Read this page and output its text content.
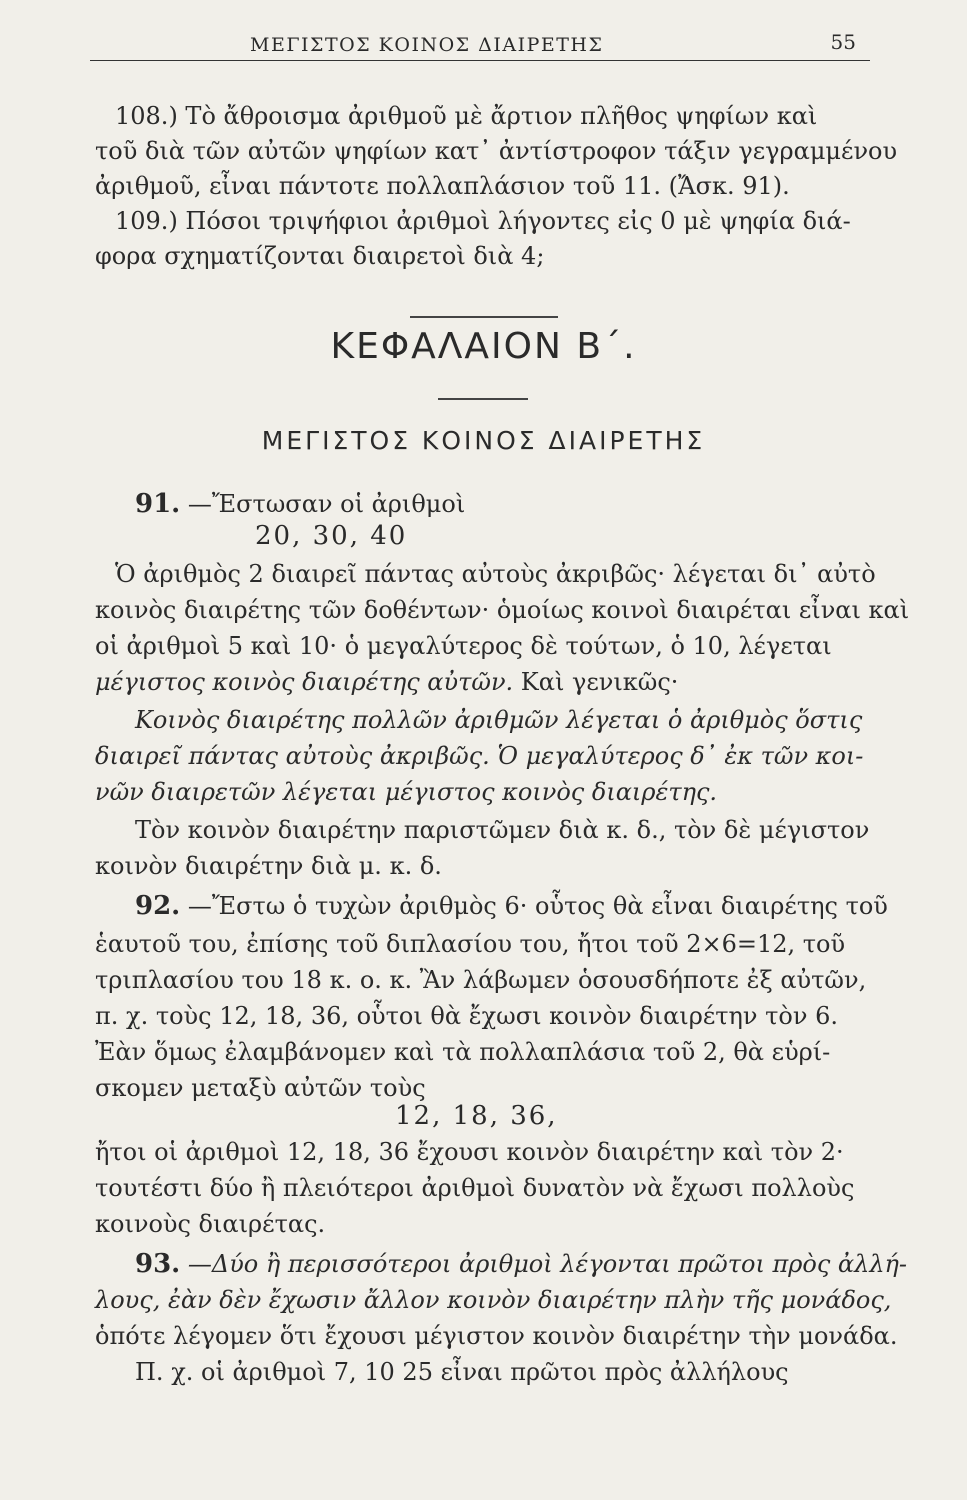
ΜΕΓΙΣΤΟΣ ΚΟΙΝΟΣ ΔΙΑΙΡΕΤΗΣ	55
108.) Τὸ ἄθροισμα ἀριθμοῦ μὲ ἄρτιον πλῆθος ψηφίων καὶ
τοῦ διὰ τῶν αὐτῶν ψηφίων κατ᾽ ἀντίστροφον τάξιν γεγραμμένου
ἀριθμοῦ, εἶναι πάντοτε πολλαπλάσιον τοῦ 11. (Ἄσκ. 91).
109.) Πόσοι τριψήφιοι ἀριθμοὶ λήγοντες εἰς 0 μὲ ψηφία διά-
φορα σχηματίζονται διαιρετοὶ διὰ 4;
ΚΕΦΑΛΑΙΟΝ Β΄.
ΜΕΓΙΣΤΟΣ ΚΟΙΝΟΣ ΔΙΑΙΡΕΤΗΣ
91. —Ἔστωσαν οἱ ἀριθμοὶ
20, 30, 40
Ὁ ἀριθμὸς 2 διαιρεῖ πάντας αὐτοὺς ἀκριβῶς· λέγεται δι᾽ αὐτὸ
κοινὸς διαιρέτης τῶν δοθέντων· ὁμοίως κοινοὶ διαιρέται εἶναι καὶ
οἱ ἀριθμοὶ 5 καὶ 10· ὁ μεγαλύτερος δὲ τούτων, ὁ 10, λέγεται
μέγιστος κοινὸς διαιρέτης αὐτῶν. Καὶ γενικῶς·
Κοινὸς διαιρέτης πολλῶν ἀριθμῶν λέγεται ὁ ἀριθμὸς ὅστις
διαιρεῖ πάντας αὐτοὺς ἀκριβῶς. Ὁ μεγαλύτερος δ᾽ ἐκ τῶν κοι-
νῶν διαιρετῶν λέγεται μέγιστος κοινὸς διαιρέτης.
Τὸν κοινὸν διαιρέτην παριστῶμεν διὰ κ. δ., τὸν δὲ μέγιστον
κοινὸν διαιρέτην διὰ μ. κ. δ.
92. —Ἔστω ὁ τυχὼν ἀριθμὸς 6· οὗτος θὰ εἶναι διαιρέτης τοῦ
ἑαυτοῦ του, ἐπίσης τοῦ διπλασίου του, ἤτοι τοῦ 2×6=12, τοῦ
τριπλασίου του 18 κ. ο. κ. Ἂν λάβωμεν ὁσουσδήποτε ἐξ αὐτῶν,
π. χ. τοὺς 12, 18, 36, οὗτοι θὰ ἔχωσι κοινὸν διαιρέτην τὸν 6.
Ἐὰν ὅμως ἐλαμβάνομεν καὶ τὰ πολλαπλάσια τοῦ 2, θὰ εὑρί-
σκομεν μεταξὺ αὐτῶν τοὺς
12, 18, 36,
ἤτοι οἱ ἀριθμοὶ 12, 18, 36 ἔχουσι κοινὸν διαιρέτην καὶ τὸν 2·
τουτέστι δύο ἢ πλειότεροι ἀριθμοὶ δυνατὸν νὰ ἔχωσι πολλοὺς
κοινοὺς διαιρέτας.
93. —Δύο ἢ περισσότεροι ἀριθμοὶ λέγονται πρῶτοι πρὸς ἀλλή-
λους, ἐὰν δὲν ἔχωσιν ἄλλον κοινὸν διαιρέτην πλὴν τῆς μονάδος,
ὁπότε λέγομεν ὅτι ἔχουσι μέγιστον κοινὸν διαιρέτην τὴν μονάδα.
Π. χ. οἱ ἀριθμοὶ 7, 10 25 εἶναι πρῶτοι πρὸς ἀλλήλους
